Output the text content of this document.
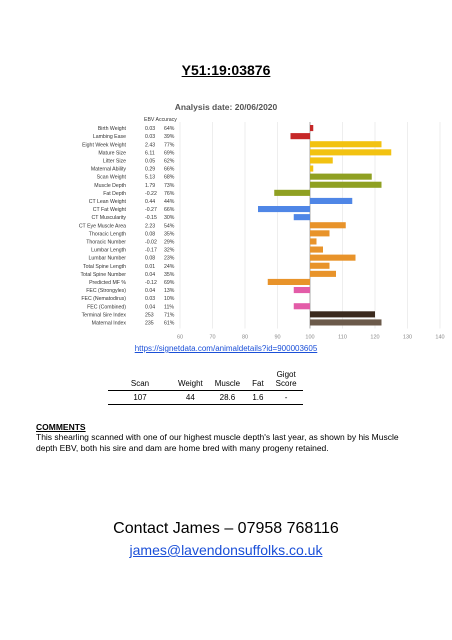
Y51:19:03876
Analysis date: 20/06/2020
60	70	80	90	100	110	120	130	140
EBV Accuracy
Birth Weight	0.03 64%
Lambing Ease	0.03 39%
Eight Week Weight	2.43 77%
Mature Size	6.11 69%
Litter Size	0.05 62%
Maternal Ability	0.29 66%
Scan Weight	5.13 68%
Muscle Depth	1.79 73%
Fat Depth	-0.22 76%
CT Lean Weight	0.44 44%
CT Fat Weight	-0.27 66%
CT Muscularity	-0.15 30%
CT Eye Muscle Area	2.23 54%
Thoracic Length	0.08 35%
Thoracic Number	-0.02 29%
Lumbar Length	-0.17 32%
Lumbar Number	0.08 23%
Total Spine Length	0.01 24%
Total Spine Number	0.04 35%
Predicted MF %	-0.12 69%
FEC (Strongyles)	0.04 13%
FEC (Nematodirus)	0.03 10%
FEC (Combined)	0.04 11%
Terminal Sire Index	253 71%
Maternal Index	235 61%
https://signetdata.com/animaldetails?id=900003605
Scan	Weight	Muscle	Fat	Gigot
Score
107	44	28.6	1.6	-
COMMENTS
This shearling scanned with one of our highest muscle depth's last year, as shown by his Muscle depth EBV, both his sire and dam are home bred with many progeny retained.
Contact James – 07958 768116
james@lavendonsuffolks.co.uk
